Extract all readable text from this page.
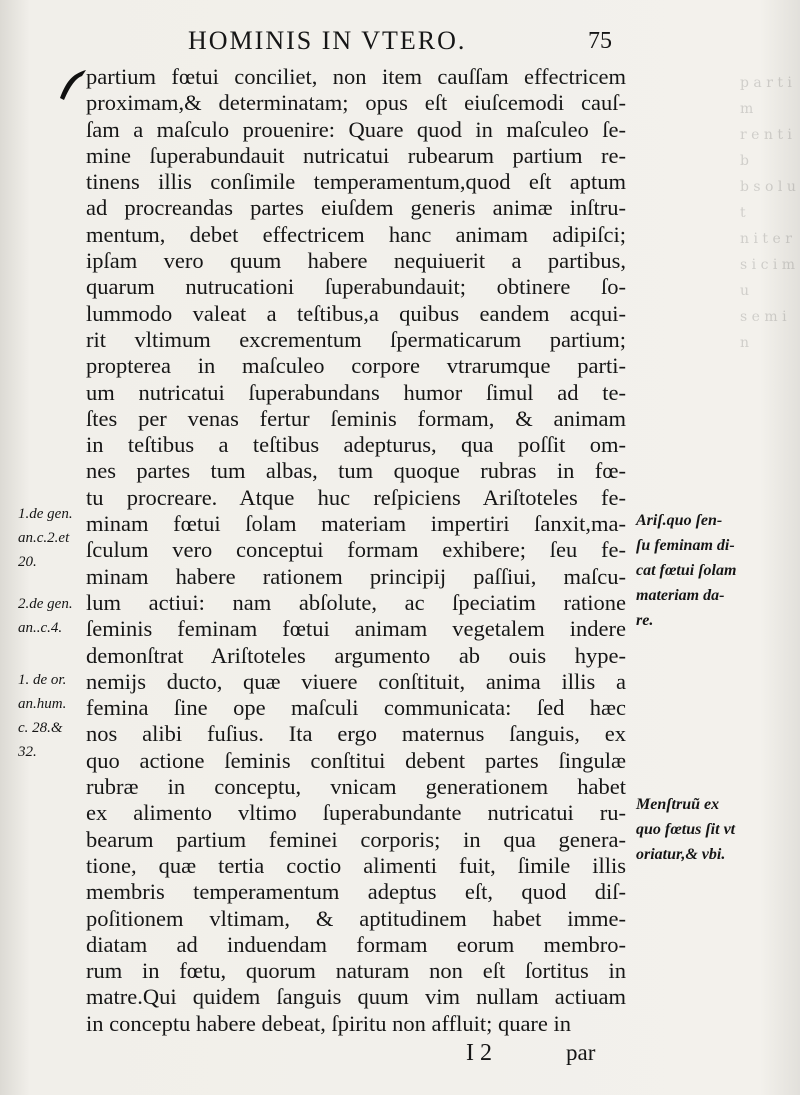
p a r t i m
r e n t i b
b s o l u t
n i t e r
s i c i m u
s e m i n
HOMINIS IN VTERO.	75
partium fœtui conciliet, non item cauſſam effectricem
proximam,& determinatam; opus eſt eiuſcemodi cauſ-
ſam a maſculo prouenire: Quare quod in maſculeo ſe-
mine ſuperabundauit nutricatui rubearum partium re-
tinens illis conſimile temperamentum,quod eſt aptum
ad procreandas partes eiuſdem generis animæ inſtru-
mentum, debet effectricem hanc animam adipiſci;
ipſam vero quum habere nequiuerit a partibus,
quarum nutrucationi ſuperabundauit; obtinere ſo-
lummodo valeat a teſtibus,a quibus eandem acqui-
rit vltimum excrementum ſpermaticarum partium;
propterea in maſculeo corpore vtrarumque parti-
um nutricatui ſuperabundans humor ſimul ad te-
ſtes per venas fertur ſeminis formam, & animam
in teſtibus a teſtibus adepturus, qua poſſit om-
nes partes tum albas, tum quoque rubras in fœ-
tu procreare. Atque huc reſpiciens Ariſtoteles fe-
minam fœtui ſolam materiam impertiri ſanxit,ma-
ſculum vero conceptui formam exhibere; ſeu fe-
minam habere rationem principij paſſiui, maſcu-
lum actiui: nam abſolute, ac ſpeciatim ratione
ſeminis feminam fœtui animam vegetalem indere
demonſtrat Ariſtoteles argumento ab ouis hype-
nemijs ducto, quæ viuere conſtituit, anima illis a
femina ſine ope maſculi communicata: ſed hæc
nos alibi fuſius. Ita ergo maternus ſanguis, ex
quo actione ſeminis conſtitui debent partes ſingulæ
rubræ in conceptu, vnicam generationem habet
ex alimento vltimo ſuperabundante nutricatui ru-
bearum partium feminei corporis; in qua genera-
tione, quæ tertia coctio alimenti fuit, ſimile illis
membris temperamentum adeptus eſt, quod diſ-
poſitionem vltimam, & aptitudinem habet imme-
diatam ad induendam formam eorum membro-
rum in fœtu, quorum naturam non eſt ſortitus in
matre.Qui quidem ſanguis quum vim nullam actiuam
in conceptu habere debeat, ſpiritu non affluit; quare in
1.de gen.
an.c.2.et
20.
2.de gen.
an..c.4.
1. de or.
an.hum.
c. 28.&
32.
Ariſ.quo ſen-
ſu feminam di-
cat fœtui ſolam
materiam da-
re.
Menſtruũ ex
quo fœtus ſit vt
oriatur,& vbi.
I 2	par
